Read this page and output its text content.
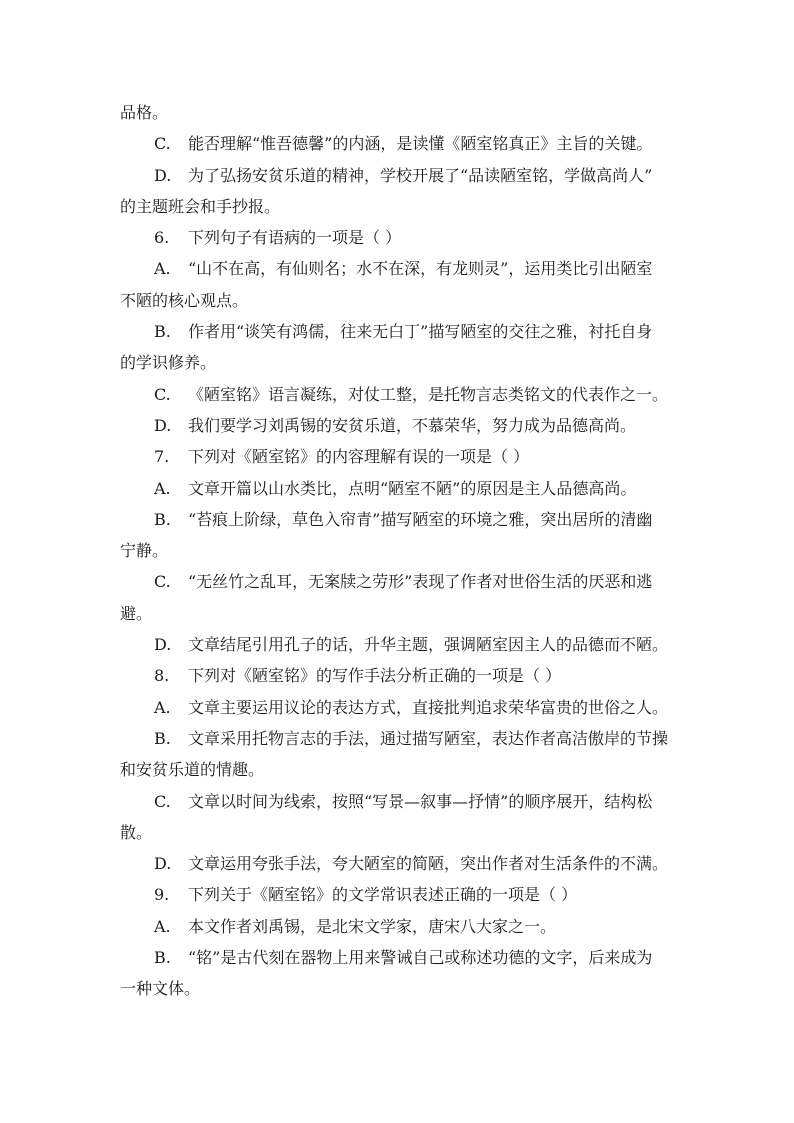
品格。
C. 能否理解“惟吾德馨”的内涵，是读懂《陋室铭真正》主旨的关键。
D. 为了弘扬安贫乐道的精神，学校开展了“品读陋室铭，学做高尚人”
的主题班会和手抄报。
6. 下列句子有语病的一项是（ ）
A. “山不在高，有仙则名；水不在深，有龙则灵”，运用类比引出陋室
不陋的核心观点。
B. 作者用“谈笑有鸿儒，往来无白丁”描写陋室的交往之雅，衬托自身
的学识修养。
C. 《陋室铭》语言凝练，对仗工整，是托物言志类铭文的代表作之一。
D. 我们要学习刘禹锡的安贫乐道，不慕荣华，努力成为品德高尚。
7. 下列对《陋室铭》的内容理解有误的一项是（ ）
A. 文章开篇以山水类比，点明“陋室不陋”的原因是主人品德高尚。
B. “苔痕上阶绿，草色入帘青”描写陋室的环境之雅，突出居所的清幽
宁静。
C. “无丝竹之乱耳，无案牍之劳形”表现了作者对世俗生活的厌恶和逃
避。
D. 文章结尾引用孔子的话，升华主题，强调陋室因主人的品德而不陋。
8. 下列对《陋室铭》的写作手法分析正确的一项是（ ）
A. 文章主要运用议论的表达方式，直接批判追求荣华富贵的世俗之人。
B. 文章采用托物言志的手法，通过描写陋室，表达作者高洁傲岸的节操
和安贫乐道的情趣。
C. 文章以时间为线索，按照“写景—叙事—抒情”的顺序展开，结构松
散。
D. 文章运用夸张手法，夸大陋室的简陋，突出作者对生活条件的不满。
9. 下列关于《陋室铭》的文学常识表述正确的一项是（ ）
A. 本文作者刘禹锡，是北宋文学家，唐宋八大家之一。
B. “铭”是古代刻在器物上用来警诫自己或称述功德的文字，后来成为
一种文体。
